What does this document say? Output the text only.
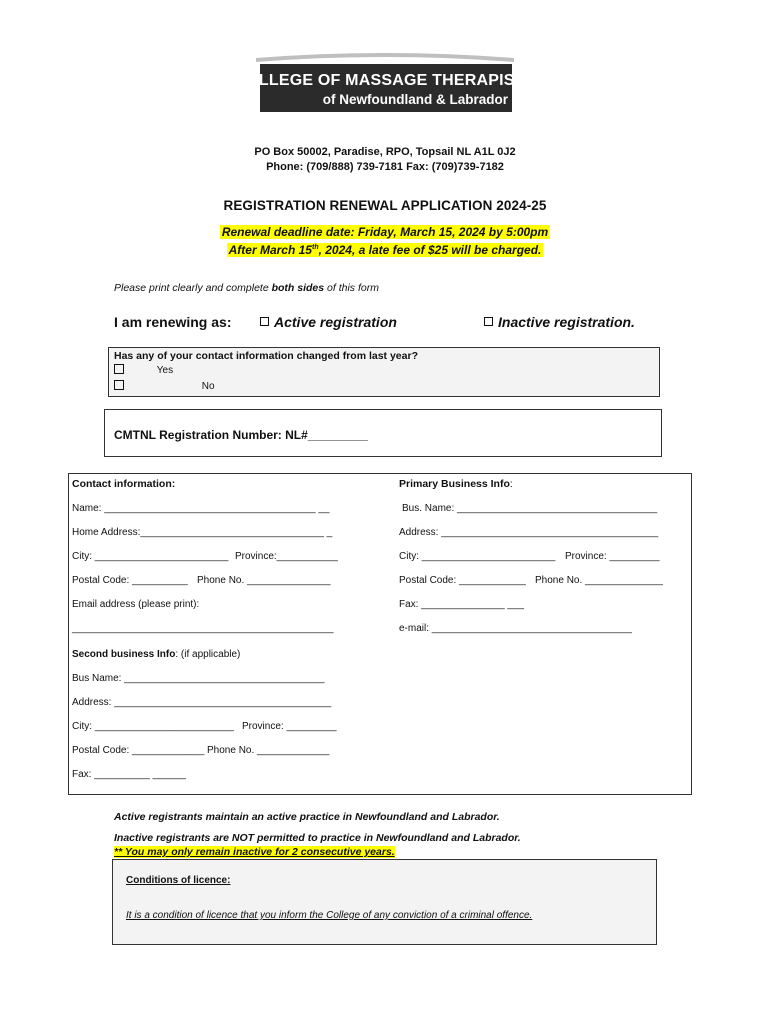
COLLEGE OF MASSAGE THERAPISTS
of Newfoundland & Labrador
PO Box 50002, Paradise, RPO, Topsail NL A1L 0J2
Phone: (709/888) 739-7181 Fax: (709)739-7182
REGISTRATION RENEWAL APPLICATION 2024-25
Renewal deadline date: Friday, March 15, 2024 by 5:00pm
After March 15th, 2024, a late fee of $25 will be charged.
Please print clearly and complete both sides of this form
I am renewing as:	Active registration	Inactive registration.
Has any of your contact information changed from last year?
Yes
No
CMTNL Registration Number: NL#_________
Contact information:	Primary Business Info:
Name: ______________________________________ __	Bus. Name: ____________________________________
Home Address:_________________________________ _	Address: _______________________________________
City: ________________________ Province:___________	City: ________________________ Province: _________
Postal Code: __________ Phone No. _______________	Postal Code: ____________ Phone No. ______________
Email address (please print):	Fax: _______________ ___
_______________________________________________	e-mail: ____________________________________
Second business Info: (if applicable)
Bus Name: ____________________________________
Address: _______________________________________
City: _________________________ Province: _________
Postal Code: _____________ Phone No. _____________
Fax: __________ ______
Active registrants maintain an active practice in Newfoundland and Labrador.
Inactive registrants are NOT permitted to practice in Newfoundland and Labrador.
** You may only remain inactive for 2 consecutive years.
Conditions of licence:
It is a condition of licence that you inform the College of any conviction of a criminal offence.
